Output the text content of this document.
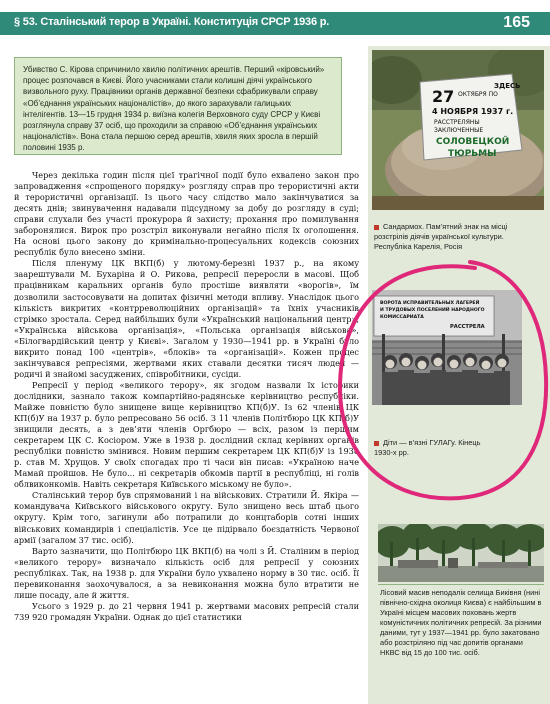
§ 53. Сталінський терор в Україні. Конституція СРСР 1936 р.	165
Убивство С. Кірова спричинило хвилю політичних арештів. Перший «кіровський» процес розпочався в Києві. Його учасниками стали колишні діячі українського визвольного руху. Працівники органів державної безпеки сфабрикували справу «Об’єднання українських націоналістів», до якого зарахували галицьких інтелігентів. 13—15 грудня 1934 р. виїзна колегія Верховного суду СРСР у Києві розглянула справу 37 осіб, що проходили за справою «Об’єднання українських націоналістів». Вона стала першою серед арештів, хвиля яких зросла в першій половині 1935 р.

Через декілька годин після цієї трагічної події було ехвалено закон про запровадження «спрощеного порядку» розгляду справ про терористичні акти й терористичні організації. Із цього часу слідство мало закінчуватися за десять днів; звинувачення надавали підсудному за добу до розгляду в суді; справи слухали без участі прокурора й захисту; прохання про помилування заборонялися. Вирок про розстріл виконували негайно після їх оголошення. На основі цього закону до кримінально-процесуальних кодексів союзних республік було внесено зміни.

Після пленуму ЦК ВКП(б) у лютому-березні 1937 р., на якому заарештували М. Бухаріна й О. Рикова, репресії переросли в масові. Щоб працівникам каральних органів було простіше виявляти «ворогів», їм дозволили застосовувати на допитах фізичні методи впливу. Унаслідок цього кількість викритих «контрреволюційних організацій» та їхніх учасників стрімко зростала. Серед найбільших були «Український національний центр», «Українська військова організація», «Польська організація військова», «Білогвардійський центр у Києві». Загалом у 1930—1941 рр. в Україні було викрито понад 100 «центрів», «блоків» та «організацій». Кожен процес закінчувався репресіями, жертвами яких ставали десятки тисяч людей — родичі й знайомі засуджених, співробітники, сусіди.

Репресії у період «великого терору», як згодом назвали їх історики дослідники, зазнало також компартійно-радянське керівництво республіки. Майже повністю було знищене вище керівництво КП(б)У. Із 62 членів ЦК КП(б)У на 1937 р. було репресовано 56 осіб. З 11 членів Політбюро ЦК КП(б)У знищили десять, а з дев’яти членів Оргбюро — всіх, разом із першим секретарем ЦК С. Косіором. Уже в 1938 р. дослідний склад керівних органів республіки повністю змінився. Новим першим секретарем ЦК КП(б)У із 1938 р. став М. Хрущов. У своїх спогадах про ті часи він писав: «Україною наче Мамай пройшов. Не було... ні секретарів обкомів партії в республіці, ні голів облвиконкомів. Навіть секретаря Київського міському не було».

Сталінський терор був спрямований і на військових. Стратили Й. Якіра — командувача Київського військового округу. Було знищено весь штаб цього округу. Крім того, загинули або потрапили до концтаборів сотні інших військових командирів і спеціалістів. Усе це підірвало боєздатність Червоної армії (загалом 37 тис. осіб).

Варто зазначити, що Політбюро ЦК ВКП(б) на чолі з Й. Сталіним в період «великого терору» визначало кількість осіб для репресії у союзних республіках. Так, на 1938 р. для України було ухвалено норму в 30 тис. осіб. Її перевиконання заохочувалося, а за невиконання можна було втратити не лише посаду, але й життя.

Усього з 1929 р. до 21 червня 1941 р. жертвами масових репресій стали 739 920 громадян України. Однак до цієї статистики

ЗДЕСЬ
27 ОКТЯБРЯ ПО
4 НОЯБРЯ 1937 г.
РАССТРЕЛЯНЫ
ЗАКЛЮЧЕННЫЕ
СОЛОВЕЦКОЙ
ТЮРЬМЫ
Сандармох. Пам’ятний знак на місці розстрілів діячів української культури. Республіка Карелія, Росія
ВОРОТА ИСПРАВИТЕЛЬНЫХ ЛАГЕРЕЙ
И ТРУДОВЫХ ПОСЕЛЕНИЙ НАРОДНОГО
КОМИССАРИАТА
РАССТРЕЛА
Діти — в’язні ГУЛАГу. Кінець 1930-х рр.
Лісовий масив неподалік селища Биківня (нині північно-східна околиця Києва) є найбільшим в Україні місцем масових поховань жертв комуністичних політичних репресій. За різними даними, тут у 1937—1941 рр. було закатовано або розстріляно під час допитів органами НКВС від 15 до 100 тис. осіб.
